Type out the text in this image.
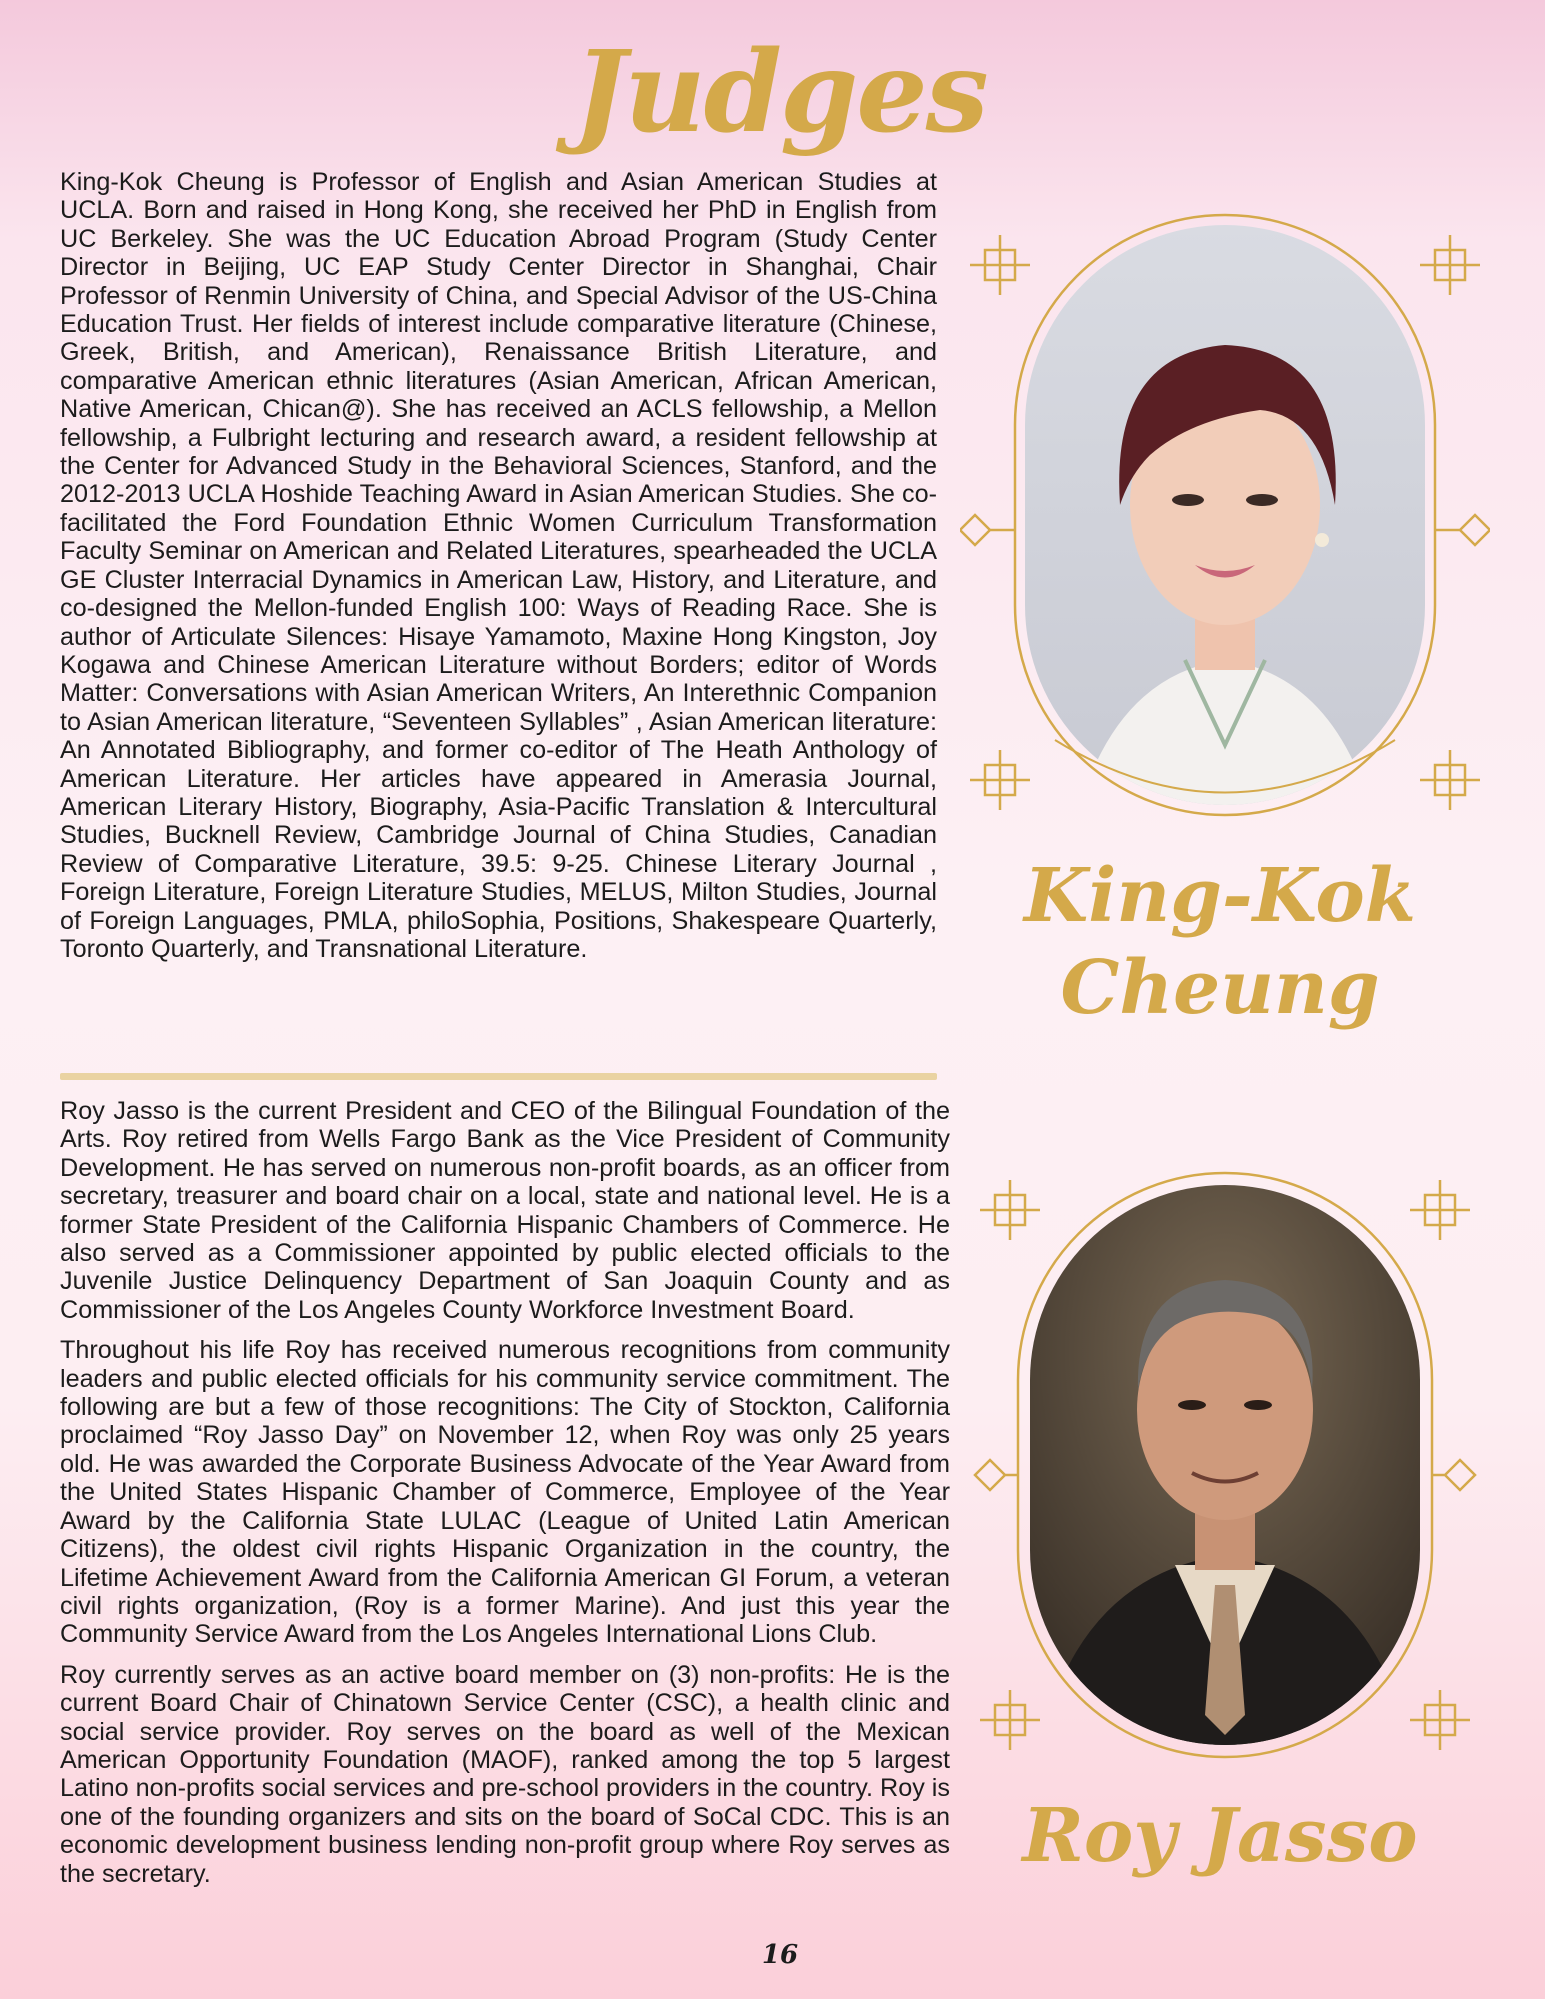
Judges

King-Kok Cheung is Professor of English and Asian American Studies at UCLA. Born and raised in Hong Kong, she received her PhD in English from UC Berkeley. She was the UC Education Abroad Program (Study Center Director in Beijing, UC EAP Study Center Director in Shanghai, Chair Professor of Renmin University of China, and Special Advisor of the US-China Education Trust. Her fields of interest include comparative literature (Chinese, Greek, British, and American), Renaissance British Literature, and comparative American ethnic literatures (Asian American, African American, Native American, Chican@). She has received an ACLS fellowship, a Mellon fellowship, a Fulbright lecturing and research award, a resident fellowship at the Center for Advanced Study in the Behavioral Sciences, Stanford, and the 2012-2013 UCLA Hoshide Teaching Award in Asian American Studies. She co-facilitated the Ford Foundation Ethnic Women Curriculum Transformation Faculty Seminar on American and Related Literatures, spearheaded the UCLA GE Cluster Interracial Dynamics in American Law, History, and Literature, and co-designed the Mellon-funded English 100: Ways of Reading Race. She is author of Articulate Silences: Hisaye Yamamoto, Maxine Hong Kingston, Joy Kogawa and Chinese American Literature without Borders; editor of Words Matter: Conversations with Asian American Writers, An Interethnic Companion to Asian American literature, “Seventeen Syllables” , Asian American literature: An Annotated Bibliography, and former co-editor of The Heath Anthology of American Literature. Her articles have appeared in Amerasia Journal, American Literary History, Biography, Asia-Pacific Translation & Intercultural Studies, Bucknell Review, Cambridge Journal of China Studies, Canadian Review of Comparative Literature, 39.5: 9-25. Chinese Literary Journal , Foreign Literature, Foreign Literature Studies, MELUS, Milton Studies, Journal of Foreign Languages, PMLA, philoSophia, Positions, Shakespeare Quarterly, Toronto Quarterly, and Transnational Literature.

Roy Jasso is the current President and CEO of the Bilingual Foundation of the Arts. Roy retired from Wells Fargo Bank as the Vice President of Community Development. He has served on numerous non-profit boards, as an officer from secretary, treasurer and board chair on a local, state and national level. He is a former State President of the California Hispanic Chambers of Commerce. He also served as a Commissioner appointed by public elected officials to the Juvenile Justice Delinquency Department of San Joaquin County and as Commissioner of the Los Angeles County Workforce Investment Board.

Throughout his life Roy has received numerous recognitions from community leaders and public elected officials for his community service commitment. The following are but a few of those recognitions: The City of Stockton, California proclaimed “Roy Jasso Day” on November 12, when Roy was only 25 years old. He was awarded the Corporate Business Advocate of the Year Award from the United States Hispanic Chamber of Commerce, Employee of the Year Award by the California State LULAC (League of United Latin American Citizens), the oldest civil rights Hispanic Organization in the country, the Lifetime Achievement Award from the California American GI Forum, a veteran civil rights organization, (Roy is a former Marine). And just this year the Community Service Award from the Los Angeles International Lions Club.

Roy currently serves as an active board member on (3) non-profits: He is the current Board Chair of Chinatown Service Center (CSC), a health clinic and social service provider. Roy serves on the board as well of the Mexican American Opportunity Foundation (MAOF), ranked among the top 5 largest Latino non-profits social services and pre-school providers in the country. Roy is one of the founding organizers and sits on the board of SoCal CDC. This is an economic development business lending non-profit group where Roy serves as the secretary.

King-Kok
Cheung
Roy Jasso
16
